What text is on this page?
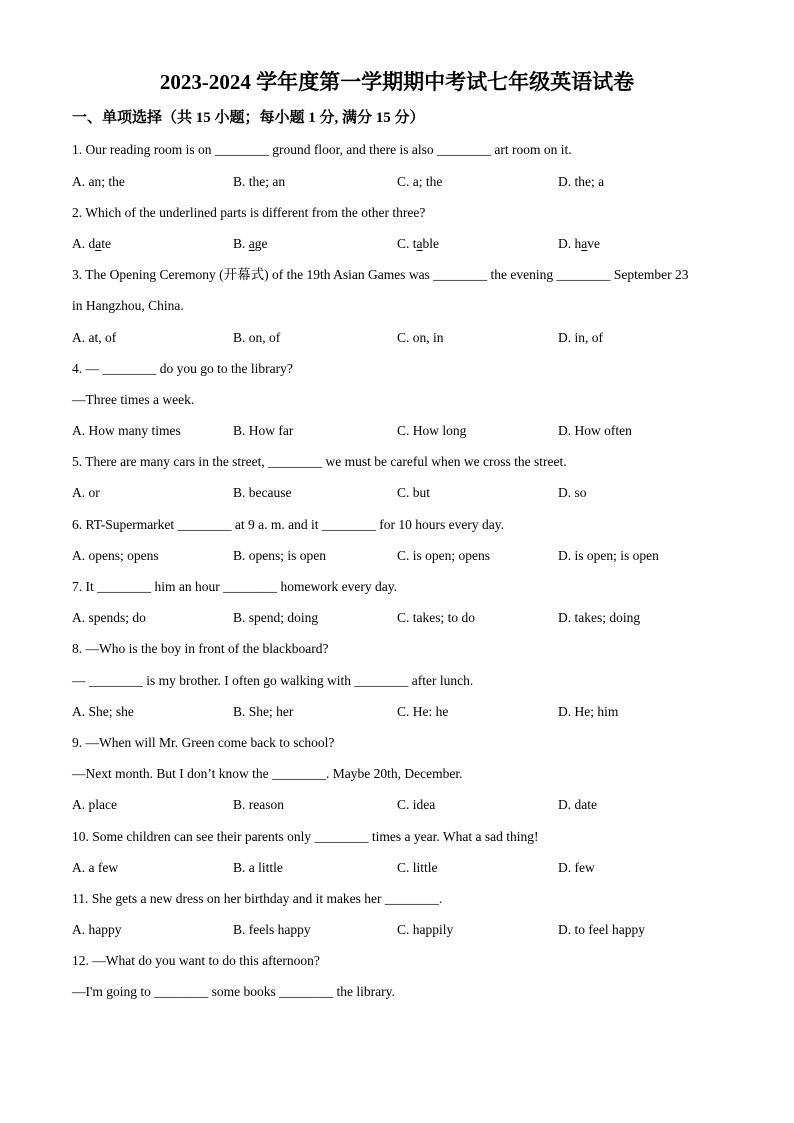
2023-2024 学年度第一学期期中考试七年级英语试卷
一、单项选择（共 15 小题；每小题 1 分, 满分 15 分）
1. Our reading room is on ________ ground floor, and there is also ________ art room on it.
A. an; the	B. the; an	C. a; the	D. the; a
2. Which of the underlined parts is different from the other three?
A. date	B. age	C. table	D. have
3. The Opening Ceremony (开幕式) of the 19th Asian Games was ________ the evening ________ September 23
in Hangzhou, China.
A. at, of	B. on, of	C. on, in	D. in, of
4. — ________ do you go to the library?
—Three times a week.
A. How many times	B. How far	C. How long	D. How often
5. There are many cars in the street, ________ we must be careful when we cross the street.
A. or	B. because	C. but	D. so
6. RT-Supermarket ________ at 9 a. m. and it ________ for 10 hours every day.
A. opens; opens	B. opens; is open	C. is open; opens	D. is open; is open
7. It ________ him an hour ________ homework every day.
A. spends; do	B. spend; doing	C. takes; to do	D. takes; doing
8. —Who is the boy in front of the blackboard?
— ________ is my brother. I often go walking with ________ after lunch.
A. She; she	B. She; her	C. He: he	D. He; him
9. —When will Mr. Green come back to school?
—Next month. But I don’t know the ________. Maybe 20th, December.
A. place	B. reason	C. idea	D. date
10. Some children can see their parents only ________ times a year. What a sad thing!
A. a few	B. a little	C. little	D. few
11. She gets a new dress on her birthday and it makes her ________.
A. happy	B. feels happy	C. happily	D. to feel happy
12. —What do you want to do this afternoon?
—I'm going to ________ some books ________ the library.
